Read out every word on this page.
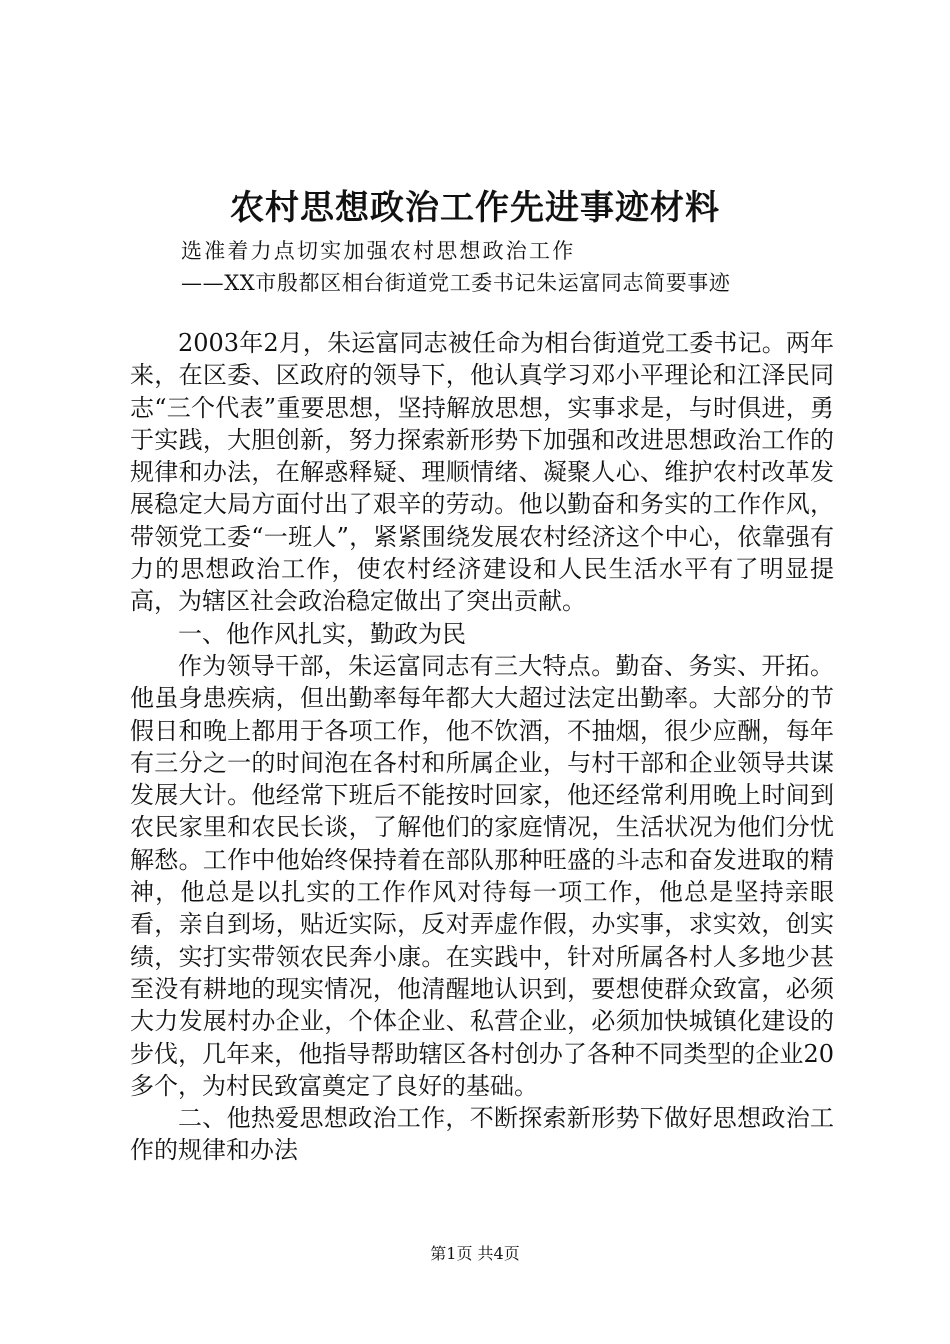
农村思想政治工作先进事迹材料
选准着力点切实加强农村思想政治工作
——XX市殷都区相台街道党工委书记朱运富同志简要事迹

2003年2月，朱运富同志被任命为相台街道党工委书记。两年来，在区委、区政府的领导下，他认真学习邓小平理论和江泽民同志“三个代表”重要思想，坚持解放思想，实事求是，与时俱进，勇于实践，大胆创新，努力探索新形势下加强和改进思想政治工作的规律和办法，在解惑释疑、理顺情绪、凝聚人心、维护农村改革发展稳定大局方面付出了艰辛的劳动。他以勤奋和务实的工作作风，带领党工委“一班人”，紧紧围绕发展农村经济这个中心，依靠强有力的思想政治工作，使农村经济建设和人民生活水平有了明显提高，为辖区社会政治稳定做出了突出贡献。

一、他作风扎实，勤政为民

作为领导干部，朱运富同志有三大特点。勤奋、务实、开拓。他虽身患疾病，但出勤率每年都大大超过法定出勤率。大部分的节假日和晚上都用于各项工作，他不饮酒，不抽烟，很少应酬，每年有三分之一的时间泡在各村和所属企业，与村干部和企业领导共谋发展大计。他经常下班后不能按时回家，他还经常利用晚上时间到农民家里和农民长谈，了解他们的家庭情况，生活状况为他们分忧解愁。工作中他始终保持着在部队那种旺盛的斗志和奋发进取的精神，他总是以扎实的工作作风对待每一项工作，他总是坚持亲眼看，亲自到场，贴近实际，反对弄虚作假，办实事，求实效，创实绩，实打实带领农民奔小康。在实践中，针对所属各村人多地少甚至没有耕地的现实情况，他清醒地认识到，要想使群众致富，必须大力发展村办企业，个体企业、私营企业，必须加快城镇化建设的步伐，几年来，他指导帮助辖区各村创办了各种不同类型的企业20多个，为村民致富奠定了良好的基础。

二、他热爱思想政治工作，不断探索新形势下做好思想政治工作的规律和办法

第1页 共4页
